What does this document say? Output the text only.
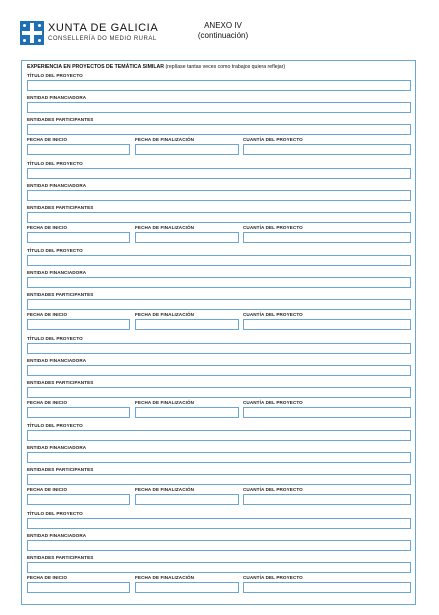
XUNTA DE GALICIA
CONSELLERÍA DO MEDIO RURAL
ANEXO IV
(continuación)
EXPERIENCIA EN PROYECTOS DE TEMÁTICA SIMILAR (replíase tantas veces como trabajos quiera reflejar)
TÍTULO DEL PROYECTO
ENTIDAD FINANCIADORA
ENTIDADES PARTICIPANTES
FECHA DE INICIO	FECHA DE FINALIZACIÓN	CUANTÍA DEL PROYECTO
TÍTULO DEL PROYECTO
ENTIDAD FINANCIADORA
ENTIDADES PARTICIPANTES
FECHA DE INICIO	FECHA DE FINALIZACIÓN	CUANTÍA DEL PROYECTO
TÍTULO DEL PROYECTO
ENTIDAD FINANCIADORA
ENTIDADES PARTICIPANTES
FECHA DE INICIO	FECHA DE FINALIZACIÓN	CUANTÍA DEL PROYECTO
TÍTULO DEL PROYECTO
ENTIDAD FINANCIADORA
ENTIDADES PARTICIPANTES
FECHA DE INICIO	FECHA DE FINALIZACIÓN	CUANTÍA DEL PROYECTO
TÍTULO DEL PROYECTO
ENTIDAD FINANCIADORA
ENTIDADES PARTICIPANTES
FECHA DE INICIO	FECHA DE FINALIZACIÓN	CUANTÍA DEL PROYECTO
TÍTULO DEL PROYECTO
ENTIDAD FINANCIADORA
ENTIDADES PARTICIPANTES
FECHA DE INICIO	FECHA DE FINALIZACIÓN	CUANTÍA DEL PROYECTO
